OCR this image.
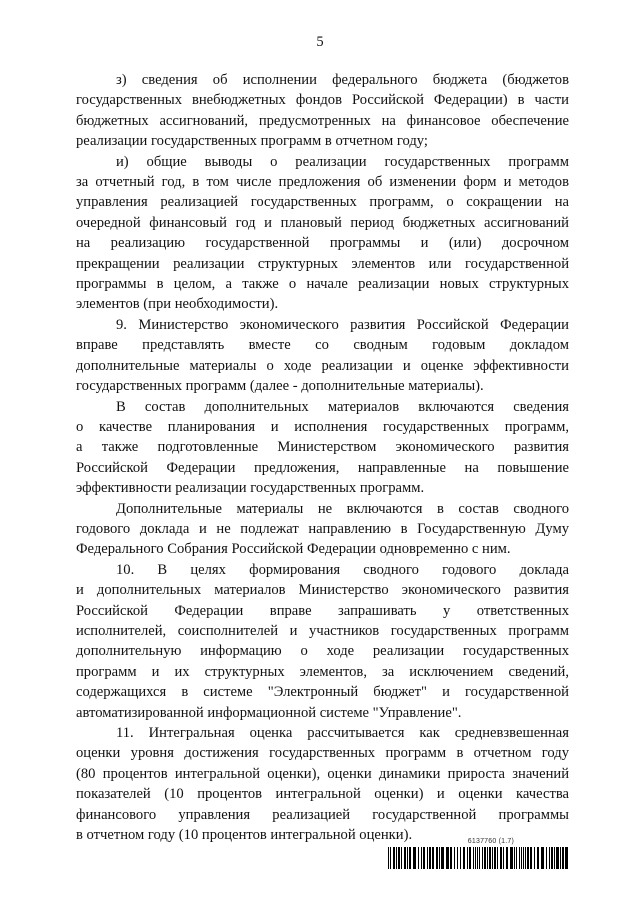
5

з) сведения об исполнении федерального бюджета (бюджетов
государственных внебюджетных фондов Российской Федерации) в части
бюджетных ассигнований, предусмотренных на финансовое обеспечение
реализации государственных программ в отчетном году;

и) общие выводы о реализации государственных программ
за отчетный год, в том числе предложения об изменении форм и методов
управления реализацией государственных программ, о сокращении на
очередной финансовый год и плановый период бюджетных ассигнований
на реализацию государственной программы и (или) досрочном
прекращении реализации структурных элементов или государственной
программы в целом, а также о начале реализации новых структурных
элементов (при необходимости).

9. Министерство экономического развития Российской Федерации
вправе представлять вместе со сводным годовым докладом
дополнительные материалы о ходе реализации и оценке эффективности
государственных программ (далее - дополнительные материалы).

В состав дополнительных материалов включаются сведения
о качестве планирования и исполнения государственных программ,
а также подготовленные Министерством экономического развития
Российской Федерации предложения, направленные на повышение
эффективности реализации государственных программ.

Дополнительные материалы не включаются в состав сводного
годового доклада и не подлежат направлению в Государственную Думу
Федерального Собрания Российской Федерации одновременно с ним.

10. В целях формирования сводного годового доклада
и дополнительных материалов Министерство экономического развития
Российской Федерации вправе запрашивать у ответственных
исполнителей, соисполнителей и участников государственных программ
дополнительную информацию о ходе реализации государственных
программ и их структурных элементов, за исключением сведений,
содержащихся в системе "Электронный бюджет" и государственной
автоматизированной информационной системе "Управление".

11. Интегральная оценка рассчитывается как средневзвешенная
оценки уровня достижения государственных программ в отчетном году
(80 процентов интегральной оценки), оценки динамики прироста значений
показателей (10 процентов интегральной оценки) и оценки качества
финансового управления реализацией государственной программы
в отчетном году (10 процентов интегральной оценки).	6137760 (1.7)
